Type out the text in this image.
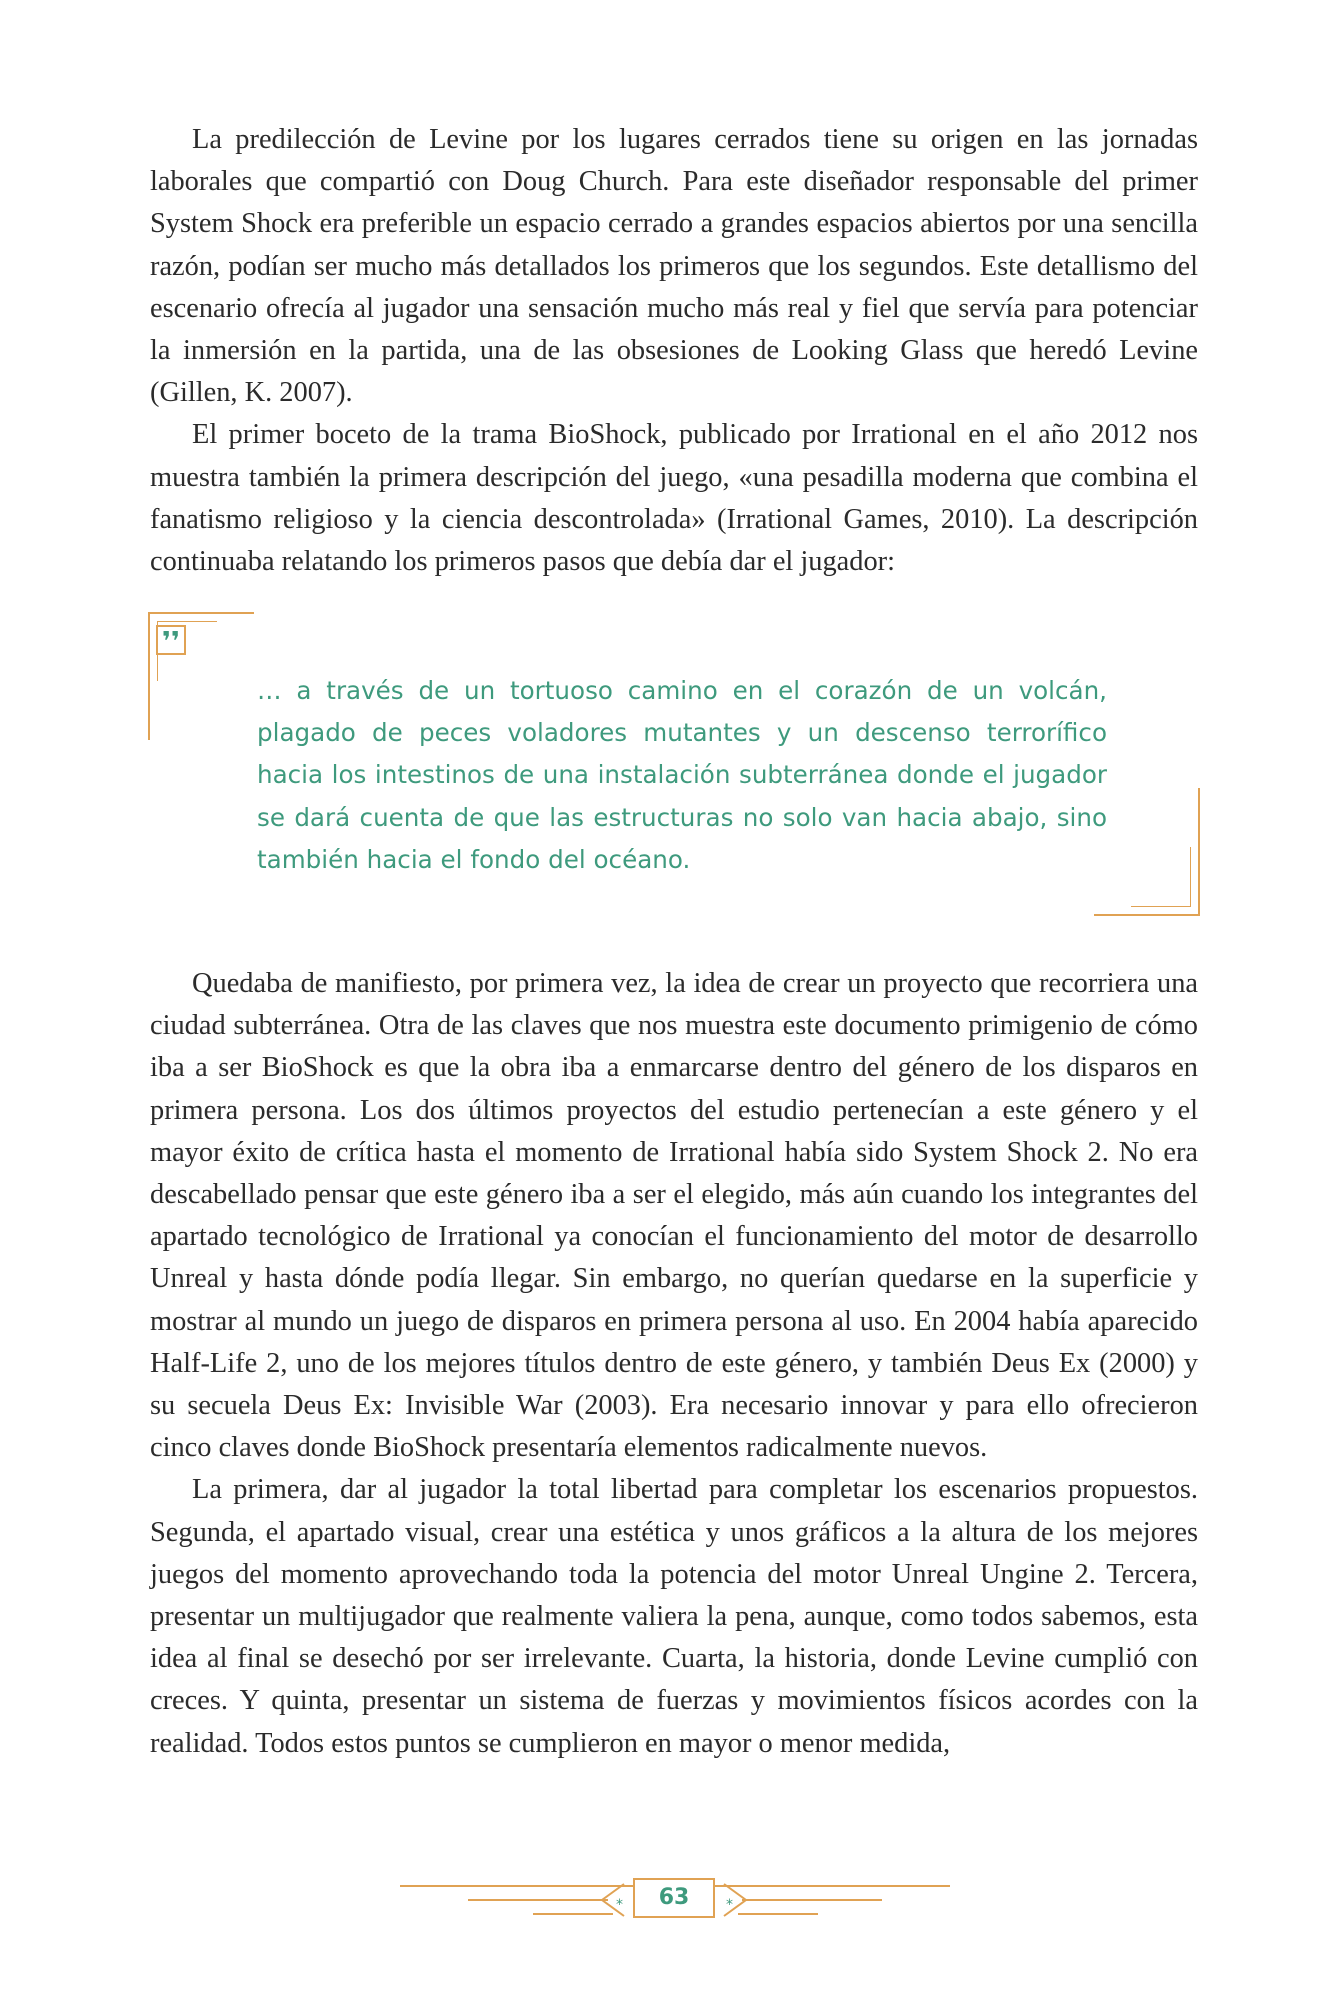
La predilección de Levine por los lugares cerrados tiene su origen en las jornadas laborales que compartió con Doug Church. Para este diseñador responsable del primer System Shock era preferible un espacio cerrado a grandes espacios abiertos por una sencilla razón, podían ser mucho más detallados los primeros que los segundos. Este detallismo del escenario ofrecía al jugador una sensación mucho más real y fiel que servía para potenciar la inmersión en la partida, una de las obsesiones de Looking Glass que heredó Levine (Gillen, K. 2007).

El primer boceto de la trama BioShock, publicado por Irrational en el año 2012 nos muestra también la primera descripción del juego, «una pesadilla moderna que combina el fanatismo religioso y la ciencia descontrolada» (Irrational Games, 2010). La descripción continuaba relatando los primeros pasos que debía dar el jugador:

❜❜

… a través de un tortuoso camino en el corazón de un volcán, plagado de peces voladores mutantes y un descenso terrorífico hacia los intestinos de una instalación subterránea donde el jugador se dará cuenta de que las estructuras no solo van hacia abajo, sino también hacia el fondo del océano.

Quedaba de manifiesto, por primera vez, la idea de crear un proyecto que recorriera una ciudad subterránea. Otra de las claves que nos muestra este documento primigenio de cómo iba a ser BioShock es que la obra iba a enmarcarse dentro del género de los disparos en primera persona. Los dos últimos proyectos del estudio pertenecían a este género y el mayor éxito de crítica hasta el momento de Irrational había sido System Shock 2. No era descabellado pensar que este género iba a ser el elegido, más aún cuando los integrantes del apartado tecnológico de Irrational ya conocían el funcionamiento del motor de desarrollo Unreal y hasta dónde podía llegar. Sin embargo, no querían quedarse en la superficie y mostrar al mundo un juego de disparos en primera persona al uso. En 2004 había aparecido Half-Life 2, uno de los mejores títulos dentro de este género, y también Deus Ex (2000) y su secuela Deus Ex: Invisible War (2003). Era necesario innovar y para ello ofrecieron cinco claves donde BioShock presentaría elementos radicalmente nuevos.

La primera, dar al jugador la total libertad para completar los escenarios propuestos. Segunda, el apartado visual, crear una estética y unos gráficos a la altura de los mejores juegos del momento aprovechando toda la potencia del motor Unreal Ungine 2. Tercera, presentar un multijugador que realmente valiera la pena, aunque, como todos sabemos, esta idea al final se desechó por ser irrelevante. Cuarta, la historia, donde Levine cumplió con creces. Y quinta, presentar un sistema de fuerzas y movimientos físicos acordes con la realidad. Todos estos puntos se cumplieron en mayor o menor medida,

*	*
63
